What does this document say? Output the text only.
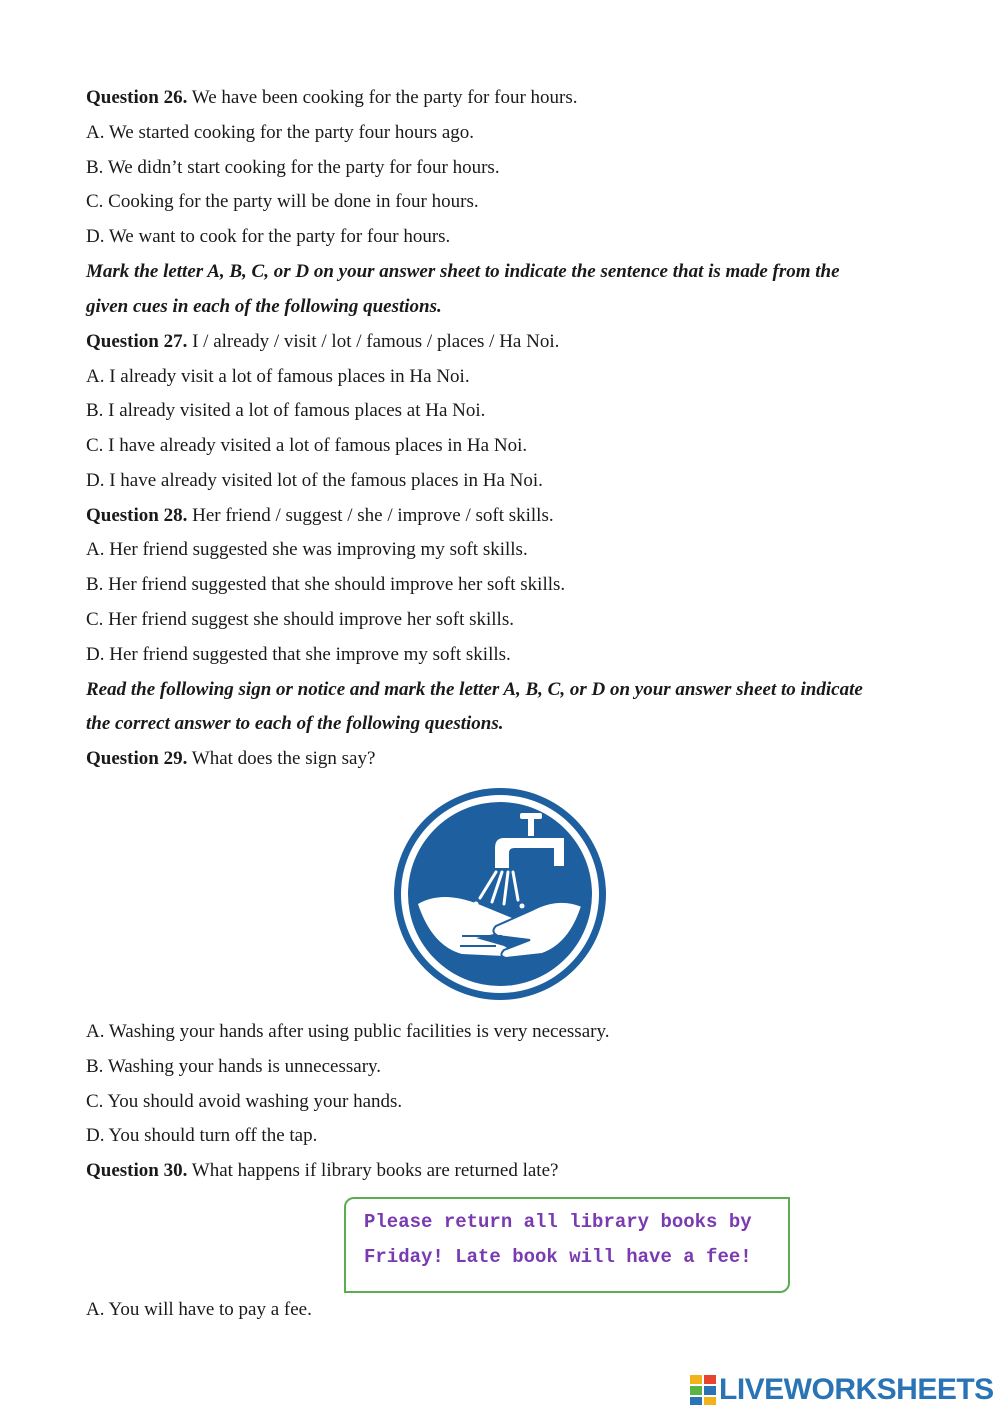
Question 26. We have been cooking for the party for four hours.
A. We started cooking for the party four hours ago.
B. We didn’t start cooking for the party for four hours.
C. Cooking for the party will be done in four hours.
D. We want to cook for the party for four hours.
Mark the letter A, B, C, or D on your answer sheet to indicate the sentence that is made from the
given cues in each of the following questions.
Question 27. I / already / visit / lot / famous / places / Ha Noi.
A. I already visit a lot of famous places in Ha Noi.
B. I already visited a lot of famous places at Ha Noi.
C. I have already visited a lot of famous places in Ha Noi.
D. I have already visited lot of the famous places in Ha Noi.
Question 28. Her friend / suggest / she / improve / soft skills.
A. Her friend suggested she was improving my soft skills.
B. Her friend suggested that she should improve her soft skills.
C. Her friend suggest she should improve her soft skills.
D. Her friend suggested that she improve my soft skills.
Read the following sign or notice and mark the letter A, B, C, or D on your answer sheet to indicate
the correct answer to each of the following questions.
Question 29. What does the sign say?
A. Washing your hands after using public facilities is very necessary.
B. Washing your hands is unnecessary.
C. You should avoid washing your hands.
D. You should turn off the tap.
Question 30. What happens if library books are returned late?
Please return all library books by
Friday! Late book will have a fee!
A. You will have to pay a fee.
LIVEWORKSHEETS
